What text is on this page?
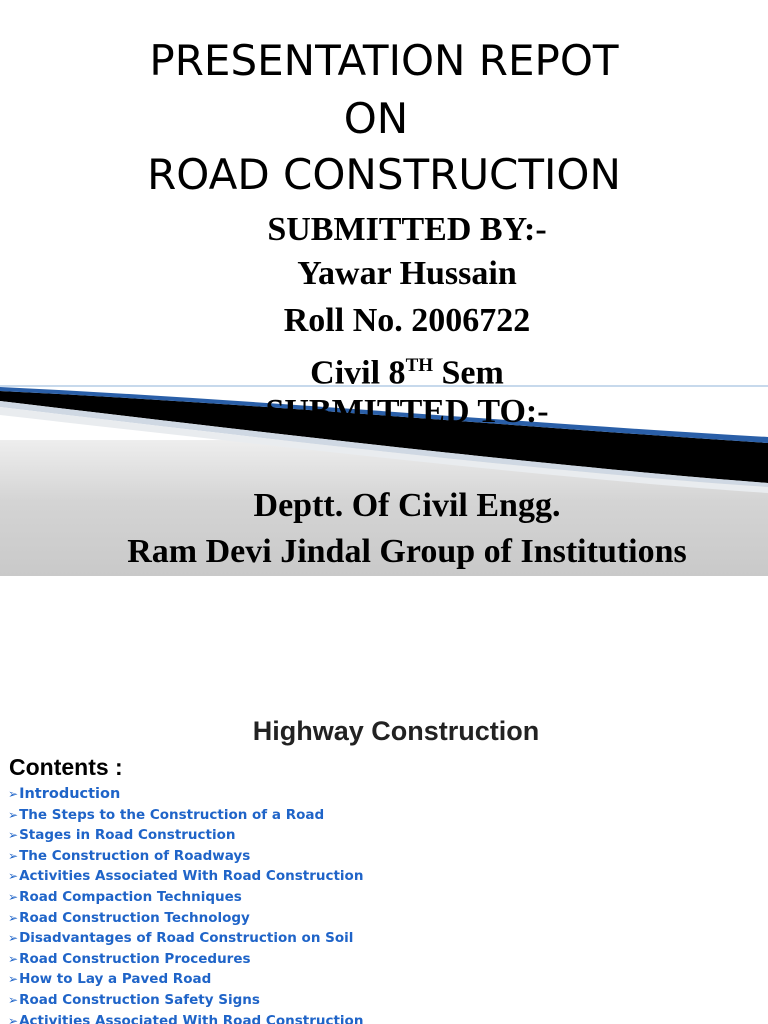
PRESENTATION REPOT
ON
ROAD CONSTRUCTION
SUBMITTED BY:-
Yawar Hussain
Roll No. 2006722
Civil 8TH Sem
SUBMITTED TO:-
Deptt. Of Civil Engg.
Ram Devi Jindal Group of Institutions
Highway Construction
Contents :
➢Introduction
➢The Steps to the Construction of a Road
➢Stages in Road Construction
➢The Construction of Roadways
➢Activities Associated With Road Construction
➢Road Compaction Techniques
➢Road Construction Technology
➢Disadvantages of Road Construction on Soil
➢Road Construction Procedures
➢How to Lay a Paved Road
➢Road Construction Safety Signs
➢Activities Associated With Road Construction
